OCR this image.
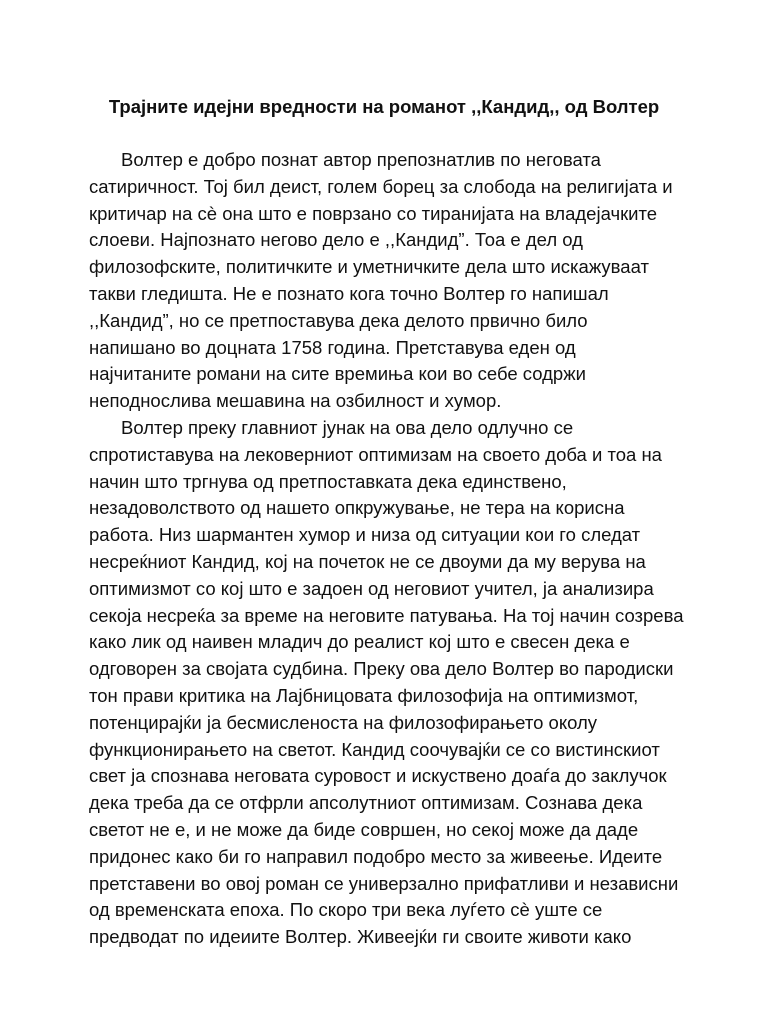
Трајните идејни вредности на романот ,,Кандид,, од Волтер
Волтер е добро познат автор препознатлив по неговата
сатиричност. Тој бил деист, голем борец за слобода на религијата и
критичар на сè она што е поврзано со тиранијата на владејачките
слоеви. Најпознато негово дело е ,,Кандид”. Тоа е дел од
филозофските, политичките и уметничките дела што искажуваат
такви гледишта. Не е познато кога точно Волтер го напишал
,,Кандид”, но се претпоставува дека делото првично било
напишано во доцната 1758 година. Претставува еден од
најчитаните романи на сите времиња кои во себе содржи
неподнослива мешавина на озбилност и хумор.
Волтер преку главниот јунак на ова дело одлучно се
спротиставува на лековерниот оптимизам на своето доба и тоа на
начин што тргнува од претпоставката дека единствено,
незадоволството од нашето опкружување, не тера на корисна
работа. Низ шармантен хумор и низа од ситуации кои го следат
несреќниот Кандид, кој на почеток не се двоуми да му верува на
оптимизмот со кој што е задоен од неговиот учител, ја анализира
секоја несреќа за време на неговите патувања. На тој начин созрева
како лик од наивен младич до реалист кој што е свесен дека е
одговорен за својата судбина. Преку ова дело Волтер во пародиски
тон прави критика на Лајбницовата филозофија на оптимизмот,
потенцирајќи ја бесмисленоста на филозофирањето околу
функционирањето на светот. Кандид соочувајќи се со вистинскиот
свет ја спознава неговата суровост и искуствено доаѓа до заклучок
дека треба да се отфрли апсолутниот оптимизам. Сознава дека
светот не е, и не може да биде совршен, но секој може да даде
придонес како би го направил подобро место за живеење. Идеите
претставени во овој роман се универзално прифатливи и независни
од временската епоха. По скоро три века луѓето сè уште се
предводат по идеиите Волтер. Живеејќи ги своите животи како
